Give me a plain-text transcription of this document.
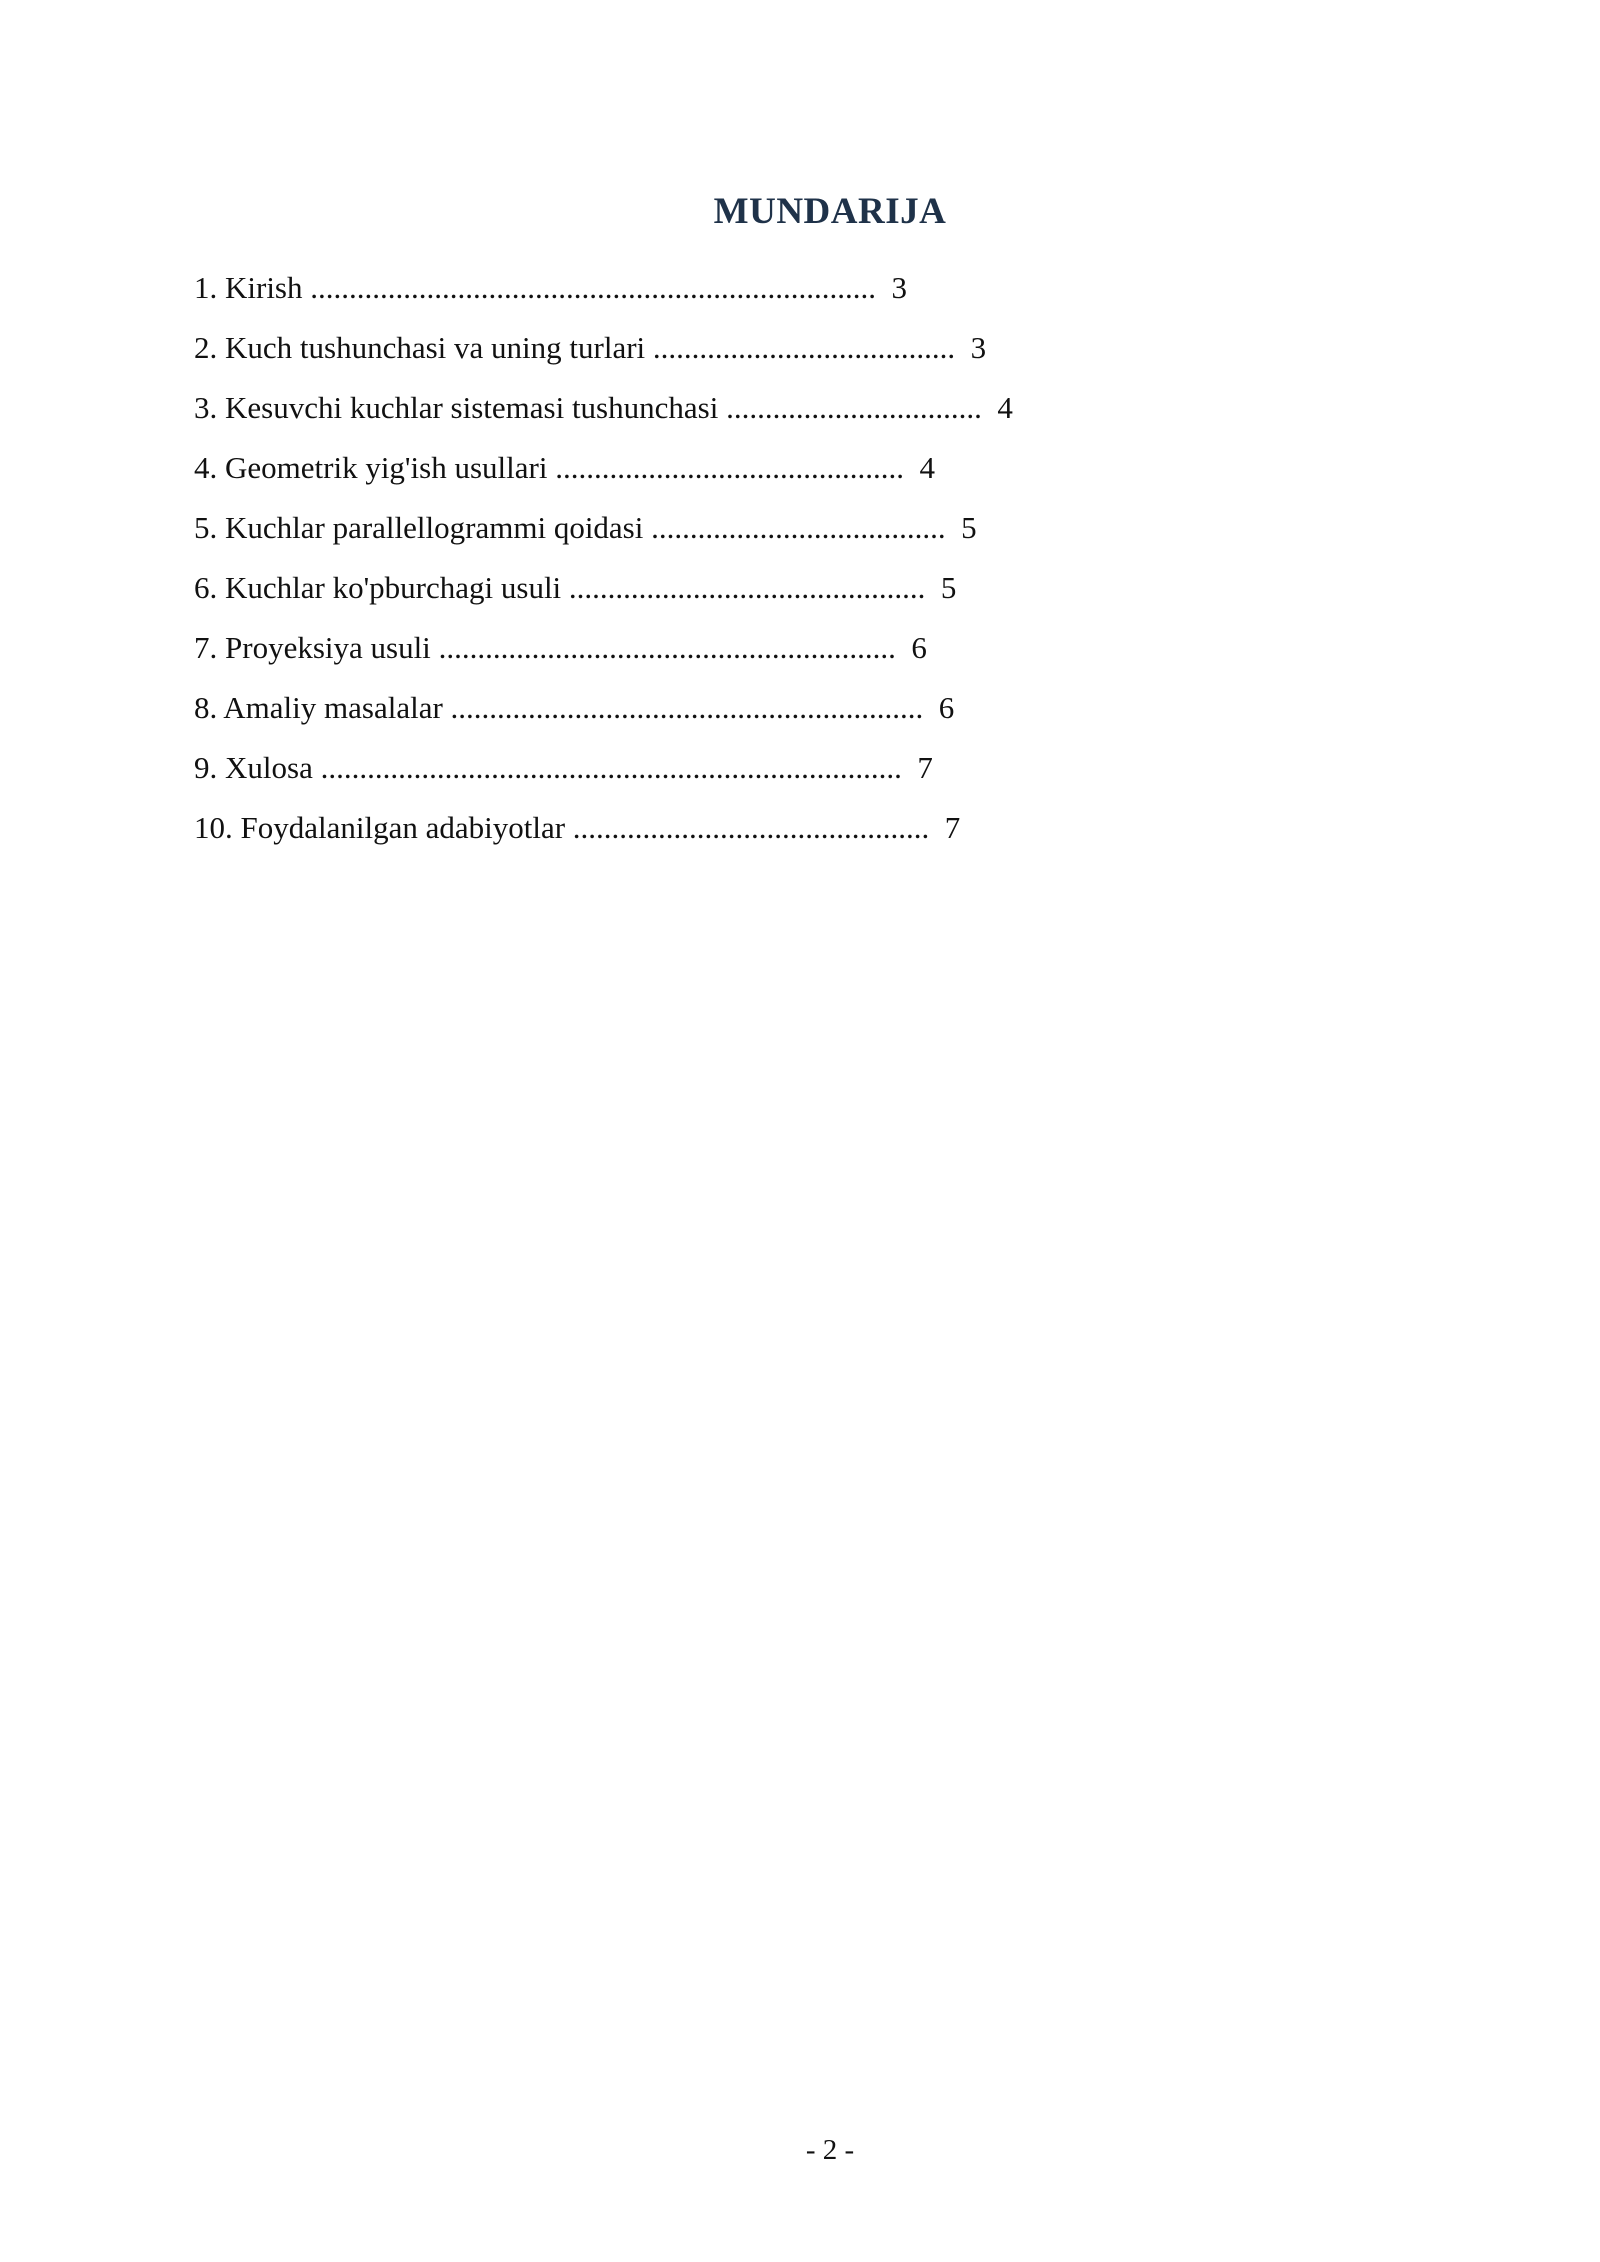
MUNDARIJA
1. Kirish ......................................................................... 3
2. Kuch tushunchasi va uning turlari ....................................... 3
3. Kesuvchi kuchlar sistemasi tushunchasi ................................. 4
4. Geometrik yig'ish usullari ............................................. 4
5. Kuchlar parallellogrammi qoidasi ...................................... 5
6. Kuchlar ko'pburchagi usuli .............................................. 5
7. Proyeksiya usuli ........................................................... 6
8. Amaliy masalalar ............................................................. 6
9. Xulosa ........................................................................... 7
10. Foydalanilgan adabiyotlar .............................................. 7
- 2 -
